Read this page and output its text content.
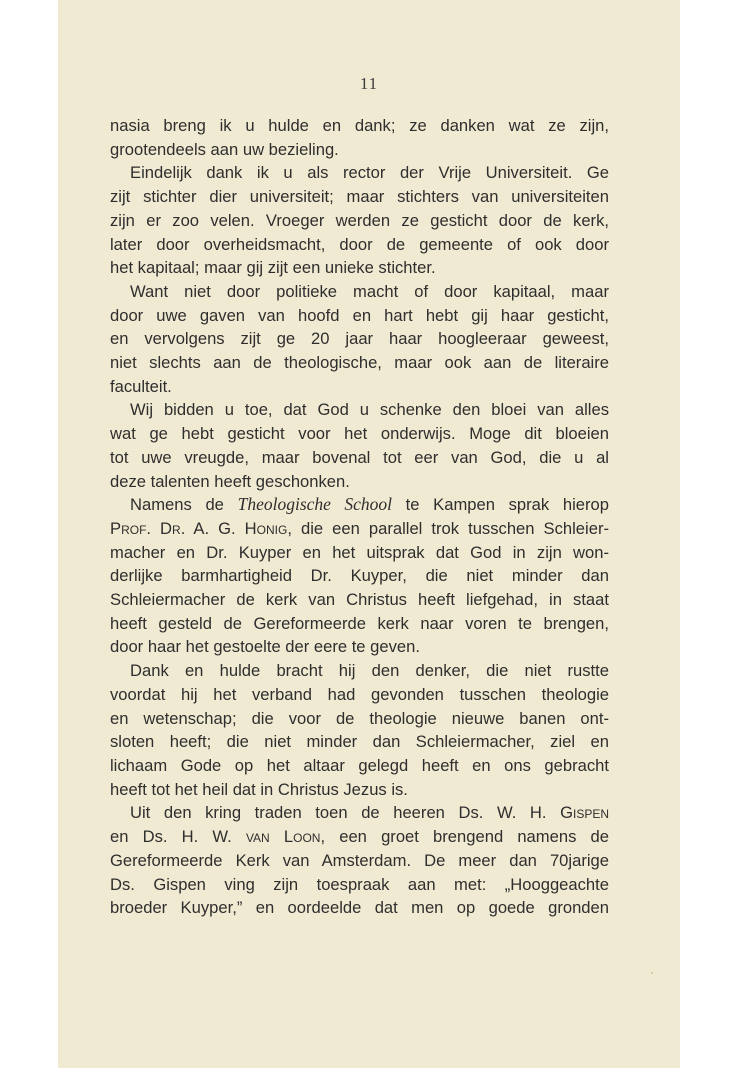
11
nasia breng ik u hulde en dank; ze danken wat ze zijn,
grootendeels aan uw bezieling.
Eindelijk dank ik u als rector der Vrije Universiteit. Ge
zijt stichter dier universiteit; maar stichters van universiteiten
zijn er zoo velen. Vroeger werden ze gesticht door de kerk,
later door overheidsmacht, door de gemeente of ook door
het kapitaal; maar gij zijt een unieke stichter.
Want niet door politieke macht of door kapitaal, maar
door uwe gaven van hoofd en hart hebt gij haar gesticht,
en vervolgens zijt ge 20 jaar haar hoogleeraar geweest,
niet slechts aan de theologische, maar ook aan de literaire
faculteit.
Wij bidden u toe, dat God u schenke den bloei van alles
wat ge hebt gesticht voor het onderwijs. Moge dit bloeien
tot uwe vreugde, maar bovenal tot eer van God, die u al
deze talenten heeft geschonken.
Namens de Theologische School te Kampen sprak hierop
Prof. Dr. A. G. Honig, die een parallel trok tusschen Schleier-
macher en Dr. Kuyper en het uitsprak dat God in zijn won-
derlijke barmhartigheid Dr. Kuyper, die niet minder dan
Schleiermacher de kerk van Christus heeft liefgehad, in staat
heeft gesteld de Gereformeerde kerk naar voren te brengen,
door haar het gestoelte der eere te geven.
Dank en hulde bracht hij den denker, die niet rustte
voordat hij het verband had gevonden tusschen theologie
en wetenschap; die voor de theologie nieuwe banen ont-
sloten heeft; die niet minder dan Schleiermacher, ziel en
lichaam Gode op het altaar gelegd heeft en ons gebracht
heeft tot het heil dat in Christus Jezus is.
Uit den kring traden toen de heeren Ds. W. H. Gispen
en Ds. H. W. van Loon, een groet brengend namens de
Gereformeerde Kerk van Amsterdam. De meer dan 70jarige
Ds. Gispen ving zijn toespraak aan met: „Hooggeachte
broeder Kuyper,” en oordeelde dat men op goede gronden
